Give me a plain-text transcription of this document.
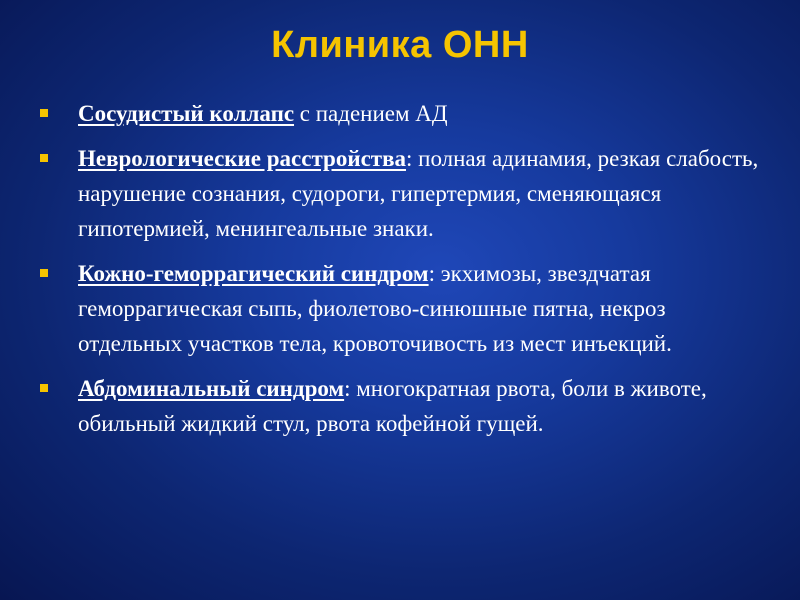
Клиника ОНН
Сосудистый коллапс с падением АД
Неврологические расстройства: полная адинамия, резкая слабость, нарушение сознания, судороги, гипертермия, сменяющаяся гипотермией, менингеальные знаки.
Кожно-геморрагический синдром: экхимозы, звездчатая геморрагическая сыпь, фиолетово-синюшные пятна, некроз отдельных участков тела, кровоточивость из мест инъекций.
Абдоминальный синдром: многократная рвота, боли в животе, обильный жидкий стул, рвота кофейной гущей.
